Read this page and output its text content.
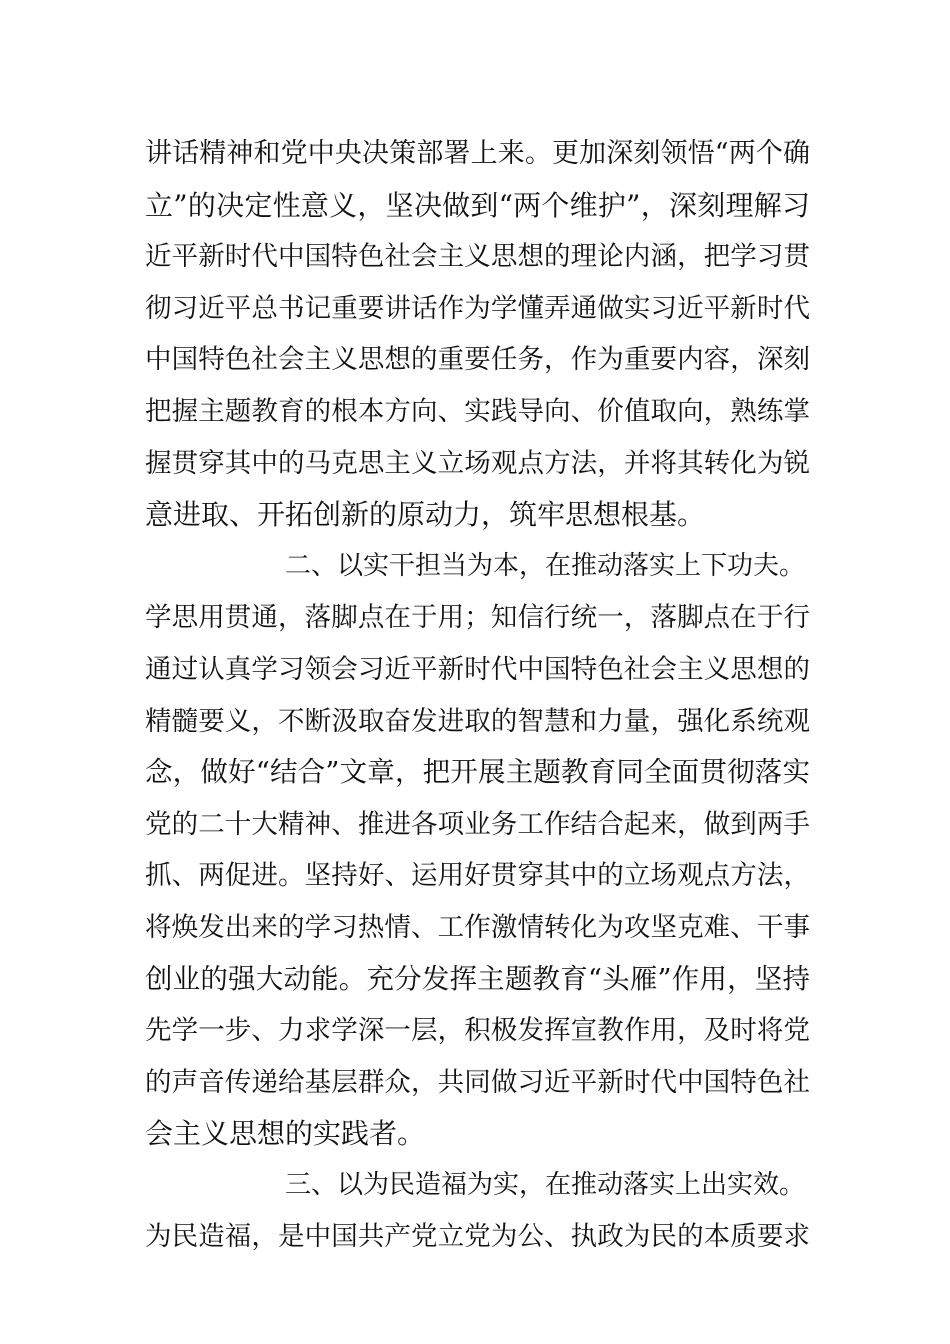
讲话精神和党中央决策部署上来。更加深刻领悟“两个确
立”的决定性意义，坚决做到“两个维护”，深刻理解习
近平新时代中国特色社会主义思想的理论内涵，把学习贯
彻习近平总书记重要讲话作为学懂弄通做实习近平新时代
中国特色社会主义思想的重要任务，作为重要内容，深刻
把握主题教育的根本方向、实践导向、价值取向，熟练掌
握贯穿其中的马克思主义立场观点方法，并将其转化为锐
意进取、开拓创新的原动力，筑牢思想根基。
二、以实干担当为本，在推动落实上下功夫。
学思用贯通，落脚点在于用；知信行统一，落脚点在于行
通过认真学习领会习近平新时代中国特色社会主义思想的
精髓要义，不断汲取奋发进取的智慧和力量，强化系统观
念，做好“结合”文章，把开展主题教育同全面贯彻落实
党的二十大精神、推进各项业务工作结合起来，做到两手
抓、两促进。坚持好、运用好贯穿其中的立场观点方法，
将焕发出来的学习热情、工作激情转化为攻坚克难、干事
创业的强大动能。充分发挥主题教育“头雁”作用，坚持
先学一步、力求学深一层，积极发挥宣教作用，及时将党
的声音传递给基层群众，共同做习近平新时代中国特色社
会主义思想的实践者。
三、以为民造福为实，在推动落实上出实效。
为民造福，是中国共产党立党为公、执政为民的本质要求
